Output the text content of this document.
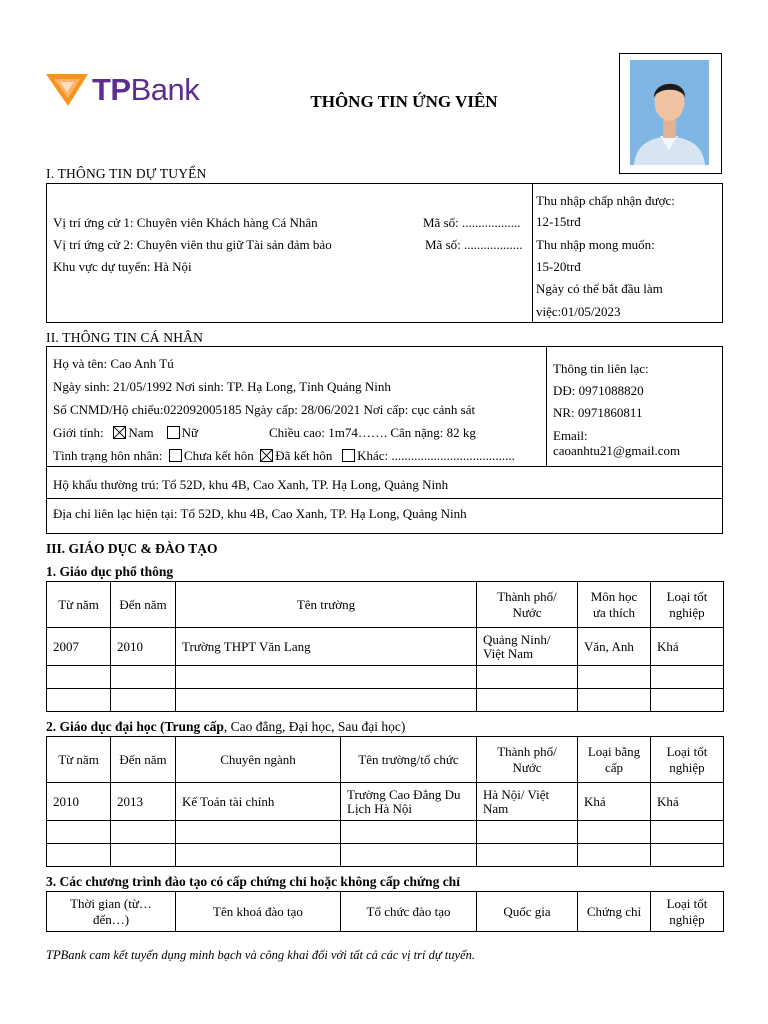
TPBank	THÔNG TIN ỨNG VIÊN
I. THÔNG TIN DỰ TUYỂN
Vị trí ứng cử 1: Chuyên viên Khách hàng Cá Nhân	Mã số: ..................
Vị trí ứng cử 2: Chuyên viên thu giữ Tài sản đảm bảo	Mã số: ..................
Khu vực dự tuyển: Hà Nội
Thu nhập chấp nhận được:
12-15trđ
Thu nhập mong muốn:
15-20trđ
Ngày có thể bắt đầu làm
việc:01/05/2023
II. THÔNG TIN CÁ NHÂN
Họ và tên: Cao Anh Tú
Ngày sinh: 21/05/1992 Nơi sinh: TP. Hạ Long, Tỉnh Quảng Ninh
Số CNMD/Hộ chiếu:022092005185 Ngày cấp: 28/06/2021 Nơi cấp: cục cảnh sát
Giới tính: Nam Nữ	Chiều cao: 1m74……. Cân nặng: 82 kg
Tình trạng hôn nhân: Chưa kết hôn Đã kết hôn Khác: ......................................
Thông tin liên lạc:
DĐ: 0971088820
NR: 0971860811
Email:
caoanhtu21@gmail.com
Hộ khẩu thường trú: Tổ 52D, khu 4B, Cao Xanh, TP. Hạ Long, Quảng Ninh
Địa chỉ liên lạc hiện tại: Tổ 52D, khu 4B, Cao Xanh, TP. Hạ Long, Quảng Ninh
III. GIÁO DỤC & ĐÀO TẠO
1. Giáo dục phổ thông
Từ năm	Đến năm	Tên trường	Thành phố/ Nước	Môn học ưa thích	Loại tốt nghiệp
2007	2010	Trường THPT Văn Lang	Quảng Ninh/ Việt Nam	Văn, Anh	Khá

2. Giáo dục đại học (Trung cấp, Cao đẳng, Đại học, Sau đại học)
Từ năm	Đến năm	Chuyên ngành	Tên trường/tổ chức	Thành phố/ Nước	Loại bằng cấp	Loại tốt nghiệp
2010	2013	Kế Toán tài chính	Trường Cao Đẳng Du Lịch Hà Nội	Hà Nội/ Việt Nam	Khá	Khá

3. Các chương trình đào tạo có cấp chứng chỉ hoặc không cấp chứng chỉ
Thời gian (từ… đến…)	Tên khoá đào tạo	Tổ chức đào tạo	Quốc gia	Chứng chỉ	Loại tốt nghiệp
TPBank cam kết tuyển dụng minh bạch và công khai đối với tất cả các vị trí dự tuyển.
